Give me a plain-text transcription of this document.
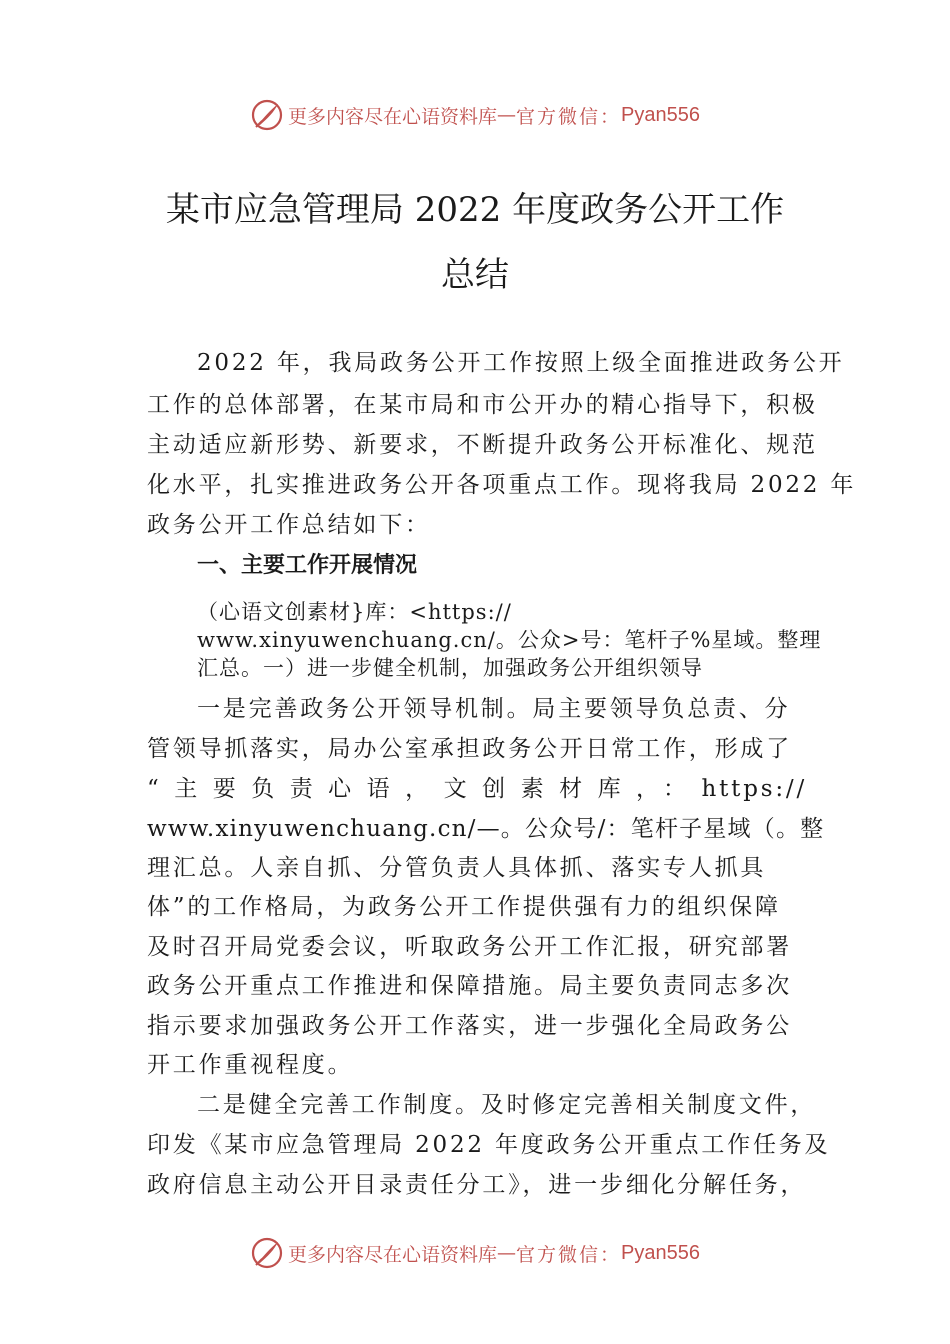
更多内容尽在心语资料库 — 官方微信： Pyan556
某市应急管理局 2022 年度政务公开工作
总结
2022 年，我局政务公开工作按照上级全面推进政务公开
工作的总体部署，在某市局和市公开办的精心指导下，积极
主动适应新形势、新要求，不断提升政务公开标准化、规范
化水平，扎实推进政务公开各项重点工作。现将我局 2022 年
政务公开工作总结如下：
一、主要工作开展情况
（心语文创素材}库：<https://
www.xinyuwenchuang.cn/。公众>号：笔杆子%星域。整理
汇总。一）进一步健全机制，加强政务公开组织领导
一是完善政务公开领导机制。局主要领导负总责、分
管领导抓落实，局办公室承担政务公开日常工作，形成了
“主要负责心语，文创素材库，：https://
www.xinyuwenchuang.cn/—。公众号/：笔杆子星域（。整
理汇总。人亲自抓、分管负责人具体抓、落实专人抓具
体”的工作格局，为政务公开工作提供强有力的组织保障
及时召开局党委会议，听取政务公开工作汇报，研究部署
政务公开重点工作推进和保障措施。局主要负责同志多次
指示要求加强政务公开工作落实，进一步强化全局政务公
开工作重视程度。
二是健全完善工作制度。及时修定完善相关制度文件，
印发《某市应急管理局 2022 年度政务公开重点工作任务及
政府信息主动公开目录责任分工》，进一步细化分解任务，
更多内容尽在心语资料库 — 官方微信： Pyan556
